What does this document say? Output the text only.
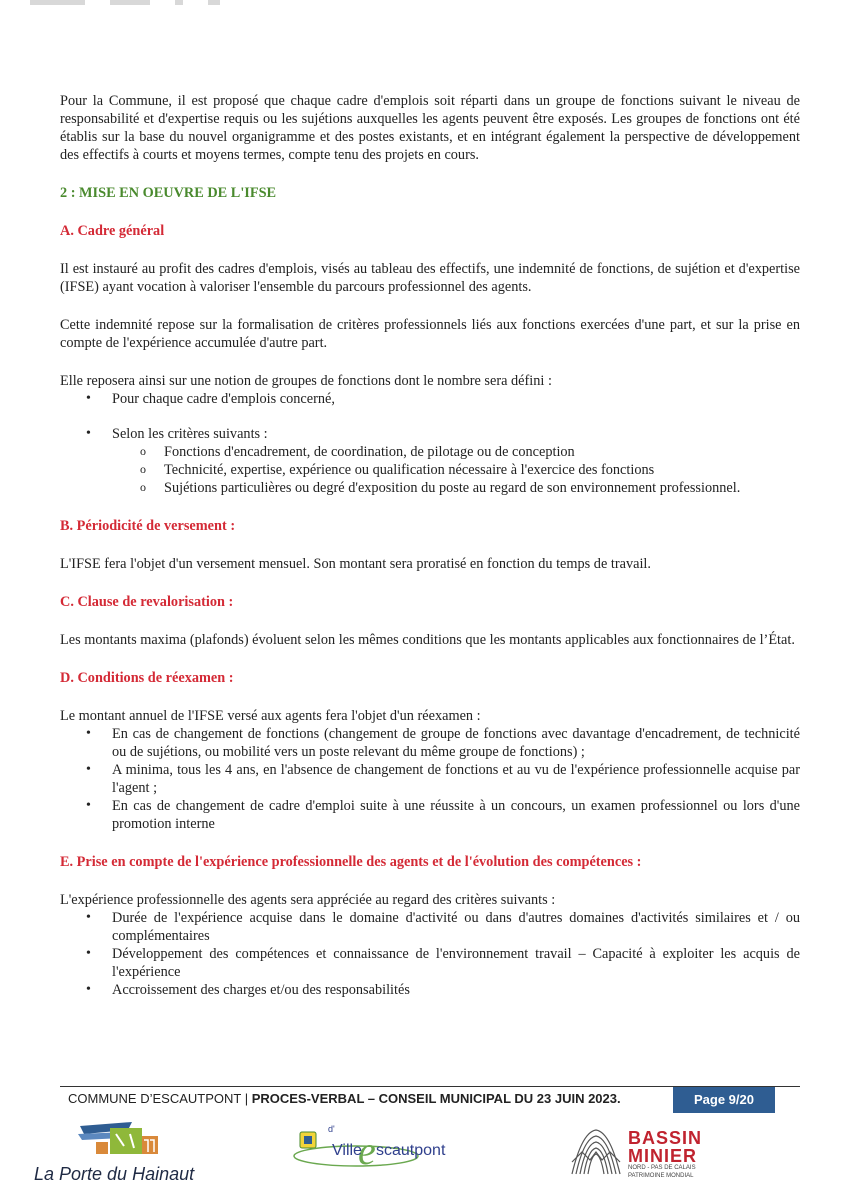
Pour la Commune, il est proposé que chaque cadre d'emplois soit réparti dans un groupe de fonctions suivant le niveau de responsabilité et d'expertise requis ou les sujétions auxquelles les agents peuvent être exposés. Les groupes de fonctions ont été établis sur la base du nouvel organigramme et des postes existants, et en intégrant également la perspective de développement des effectifs à courts et moyens termes, compte tenu des projets en cours.

2 : MISE EN OEUVRE DE L'IFSE

A. Cadre général

Il est instauré au profit des cadres d'emplois, visés au tableau des effectifs, une indemnité de fonctions, de sujétion et d'expertise (IFSE) ayant vocation à valoriser l'ensemble du parcours professionnel des agents.

Cette indemnité repose sur la formalisation de critères professionnels liés aux fonctions exercées d'une part, et sur la prise en compte de l'expérience accumulée d'autre part.

Elle reposera ainsi sur une notion de groupes de fonctions dont le nombre sera défini :

• Pour chaque cadre d'emplois concerné,
• Selon les critères suivants :
o Fonctions d'encadrement, de coordination, de pilotage ou de conception
o Technicité, expertise, expérience ou qualification nécessaire à l'exercice des fonctions
o Sujétions particulières ou degré d'exposition du poste au regard de son environnement professionnel.

B. Périodicité de versement :

L'IFSE fera l'objet d'un versement mensuel. Son montant sera proratisé en fonction du temps de travail.

C. Clause de revalorisation :

Les montants maxima (plafonds) évoluent selon les mêmes conditions que les montants applicables aux fonctionnaires de l’État.

D. Conditions de réexamen :

Le montant annuel de l'IFSE versé aux agents fera l'objet d'un réexamen :

• En cas de changement de fonctions (changement de groupe de fonctions avec davantage d'encadrement, de technicité ou de sujétions, ou mobilité vers un poste relevant du même groupe de fonctions) ;
• A minima, tous les 4 ans, en l'absence de changement de fonctions et au vu de l'expérience professionnelle acquise par l'agent ;
• En cas de changement de cadre d'emploi suite à une réussite à un concours, un examen professionnel ou lors d'une promotion interne

E. Prise en compte de l'expérience professionnelle des agents et de l'évolution des compétences :

L'expérience professionnelle des agents sera appréciée au regard des critères suivants :

• Durée de l'expérience acquise dans le domaine d'activité ou dans d'autres domaines d'activités similaires et / ou complémentaires
• Développement des compétences et connaissance de l'environnement travail – Capacité à exploiter les acquis de l'expérience
• Accroissement des charges et/ou des responsabilités
COMMUNE D’ESCAUTPONT | PROCES-VERBAL – CONSEIL MUNICIPAL DU 23 JUIN 2023.	Page 9/20
La Porte du Hainaut
e
d'
Ville scautpont
BASSIN
MINIER
NORD - PAS DE CALAIS
PATRIMOINE MONDIAL
